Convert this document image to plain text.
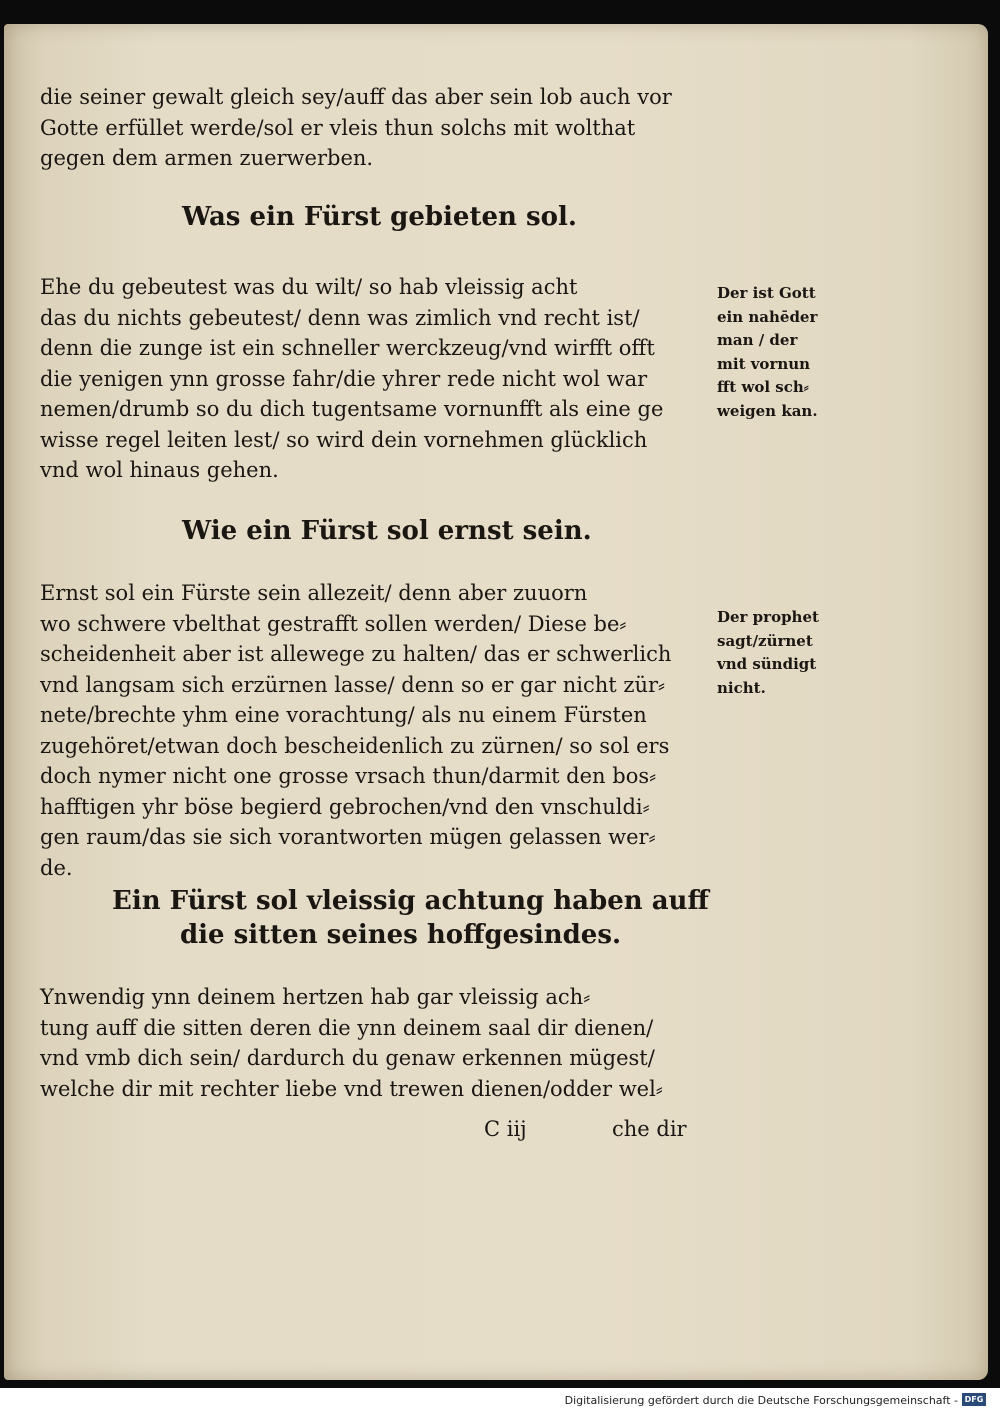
die seiner gewalt gleich sey/auff das aber sein lob auch vor
Gotte erfüllet werde/sol er vleis thun solchs mit wolthat
gegen dem armen zuerwerben.
Was ein Fürst gebieten sol.
Ehe du gebeutest was du wilt/ so hab vleissig acht
das du nichts gebeutest/ denn was zimlich vnd recht ist/
denn die zunge ist ein schneller werckzeug/vnd wirfft offt
die yenigen ynn grosse fahr/die yhrer rede nicht wol war
nemen/drumb so du dich tugentsame vornunfft als eine ge
wisse regel leiten lest/ so wird dein vornehmen glücklich
vnd wol hinaus gehen.
Der ist Gott
ein nahēder
man / der
mit vornun
fft wol sch⸗
weigen kan.
Wie ein Fürst sol ernst sein.
Ernst sol ein Fürste sein allezeit/ denn aber zuuorn
wo schwere vbelthat gestrafft sollen werden/ Diese be⸗
scheidenheit aber ist allewege zu halten/ das er schwerlich
vnd langsam sich erzürnen lasse/ denn so er gar nicht zür⸗
nete/brechte yhm eine vorachtung/ als nu einem Fürsten
zugehöret/etwan doch bescheidenlich zu zürnen/ so sol ers
doch nymer nicht one grosse vrsach thun/darmit den bos⸗
hafftigen yhr böse begierd gebrochen/vnd den vnschuldi⸗
gen raum/das sie sich vorantworten mügen gelassen wer⸗
de.
Der prophet
sagt/zürnet
vnd sündigt
nicht.
Ein Fürst sol vleissig achtung haben auff
die sitten seines hoffgesindes.
Ynwendig ynn deinem hertzen hab gar vleissig ach⸗
tung auff die sitten deren die ynn deinem saal dir dienen/
vnd vmb dich sein/ dardurch du genaw erkennen mügest/
welche dir mit rechter liebe vnd trewen dienen/odder wel⸗
C iij	che dir
Digitalisierung gefördert durch die Deutsche Forschungsgemeinschaft - DFG
